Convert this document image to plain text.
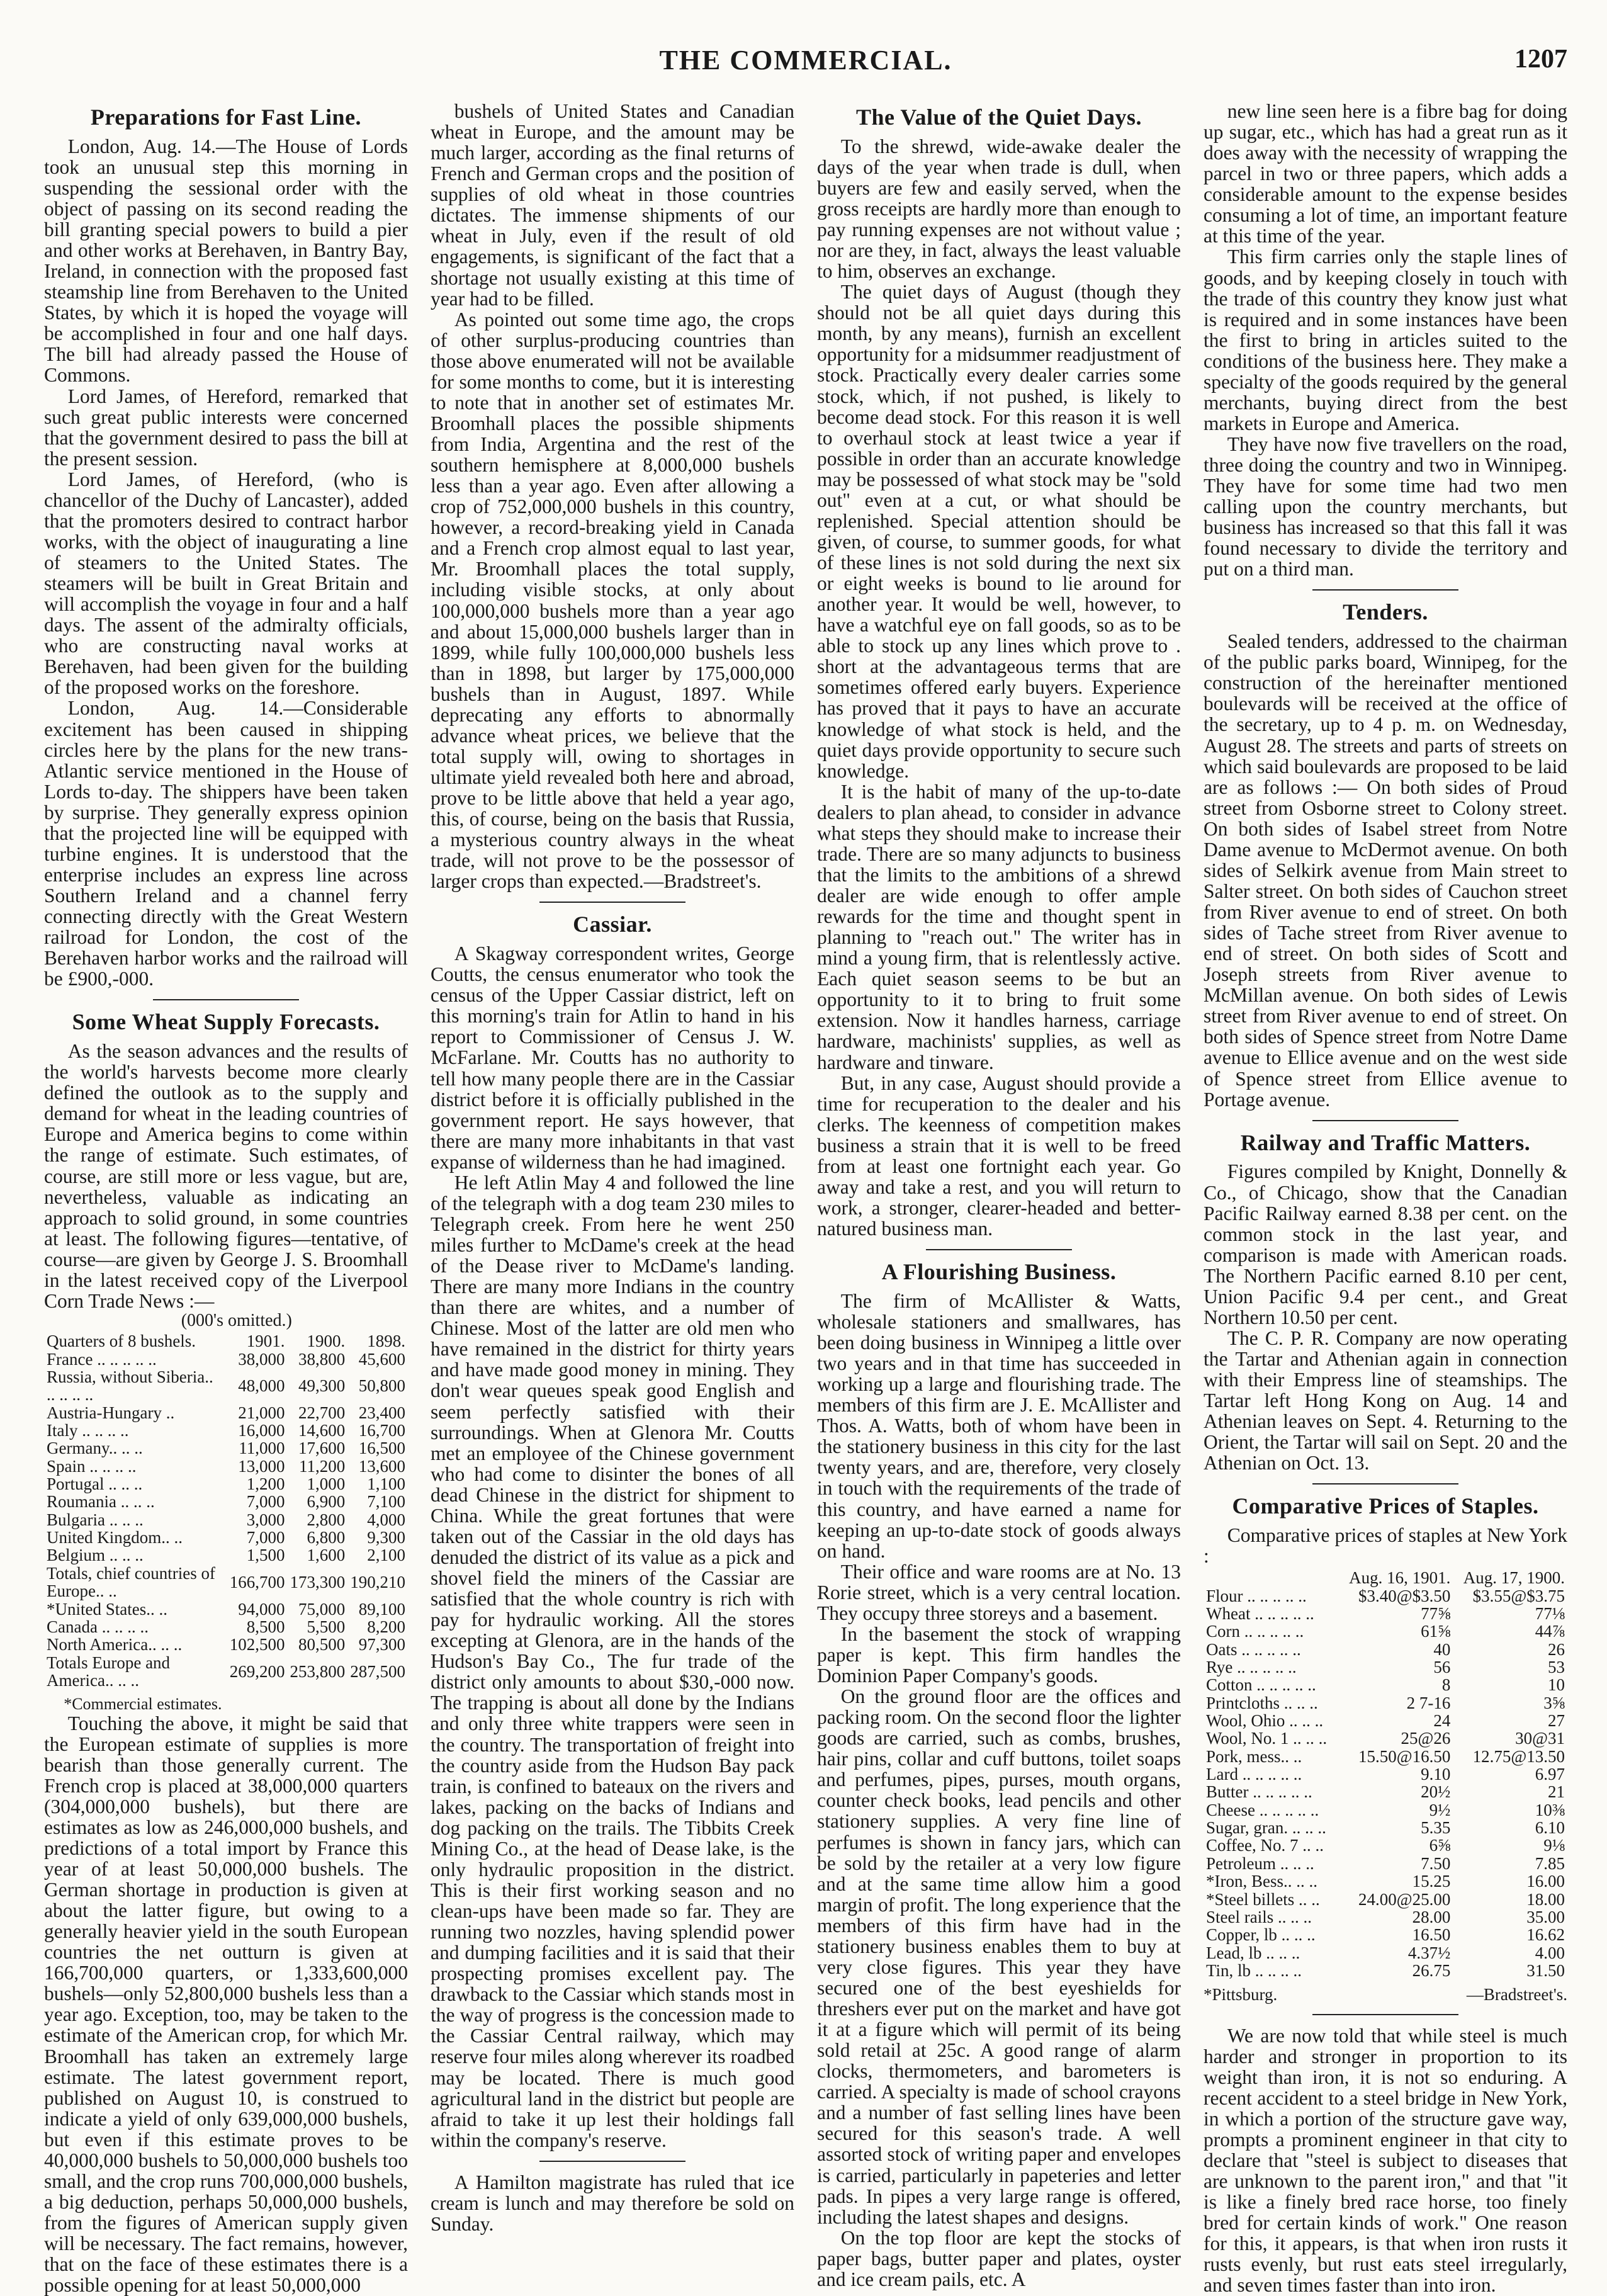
THE COMMERCIAL.	1207
Preparations for Fast Line.

London, Aug. 14.—The House of Lords took an unusual step this morning in suspending the sessional order with the object of passing on its second reading the bill granting special powers to build a pier and other works at Berehaven, in Bantry Bay, Ireland, in connection with the proposed fast steamship line from Berehaven to the United States, by which it is hoped the voyage will be accomplished in four and one half days. The bill had already passed the House of Commons.

Lord James, of Hereford, remarked that such great public interests were concerned that the government desired to pass the bill at the present session.

Lord James, of Hereford, (who is chancellor of the Duchy of Lancaster), added that the promoters desired to contract harbor works, with the object of inaugurating a line of steamers to the United States. The steamers will be built in Great Britain and will accomplish the voyage in four and a half days. The assent of the admiralty officials, who are constructing naval works at Berehaven, had been given for the building of the proposed works on the foreshore.

London, Aug. 14.—Considerable excitement has been caused in shipping circles here by the plans for the new trans-Atlantic service mentioned in the House of Lords to-day. The shippers have been taken by surprise. They generally express opinion that the projected line will be equipped with turbine engines. It is understood that the enterprise includes an express line across Southern Ireland and a channel ferry connecting directly with the Great Western railroad for London, the cost of the Berehaven harbor works and the railroad will be £900,-000.

Some Wheat Supply Forecasts.

As the season advances and the results of the world's harvests become more clearly defined the outlook as to the supply and demand for wheat in the leading countries of Europe and America begins to come within the range of estimate. Such estimates, of course, are still more or less vague, but are, nevertheless, valuable as indicating an approach to solid ground, in some countries at least. The following figures—tentative, of course—are given by George J. S. Broomhall in the latest received copy of the Liverpool Corn Trade News :—

(000's omitted.)

Quarters of 8 bushels.	1901.	1900.	1898.
France .. .. .. .. ..	38,000	38,800	45,600
Russia, without Siberia.. .. .. .. ..	48,000	49,300	50,800
Austria-Hungary ..	21,000	22,700	23,400
Italy .. .. .. ..	16,000	14,600	16,700
Germany.. .. ..	11,000	17,600	16,500
Spain .. .. .. ..	13,000	11,200	13,600
Portugal .. .. ..	1,200	1,000	1,100
Roumania .. .. ..	7,000	6,900	7,100
Bulgaria .. .. ..	3,000	2,800	4,000
United Kingdom.. ..	7,000	6,800	9,300
Belgium .. .. ..	1,500	1,600	2,100
Totals, chief countries of Europe.. ..	166,700	173,300	190,210
*United States.. ..	94,000	75,000	89,100
Canada .. .. .. ..	8,500	5,500	8,200
North America.. .. ..	102,500	80,500	97,300
Totals Europe and America.. .. ..	269,200	253,800	287,500

*Commercial estimates.

Touching the above, it might be said that the European estimate of supplies is more bearish than those generally current. The French crop is placed at 38,000,000 quarters (304,000,000 bushels), but there are estimates as low as 246,000,000 bushels, and predictions of a total import by France this year of at least 50,000,000 bushels. The German shortage in production is given at about the latter figure, but owing to a generally heavier yield in the south European countries the net outturn is given at 166,700,000 quarters, or 1,333,600,000 bushels—only 52,800,000 bushels less than a year ago. Exception, too, may be taken to the estimate of the American crop, for which Mr. Broomhall has taken an extremely large estimate. The latest government report, published on August 10, is construed to indicate a yield of only 639,000,000 bushels, but even if this estimate proves to be 40,000,000 bushels to 50,000,000 bushels too small, and the crop runs 700,000,000 bushels, a big deduction, perhaps 50,000,000 bushels, from the figures of American supply given will be necessary. The fact remains, however, that on the face of these estimates there is a possible opening for at least 50,000,000

bushels of United States and Canadian wheat in Europe, and the amount may be much larger, according as the final returns of French and German crops and the position of supplies of old wheat in those countries dictates. The immense shipments of our wheat in July, even if the result of old engagements, is significant of the fact that a shortage not usually existing at this time of year had to be filled.

As pointed out some time ago, the crops of other surplus-producing countries than those above enumerated will not be available for some months to come, but it is interesting to note that in another set of estimates Mr. Broomhall places the possible shipments from India, Argentina and the rest of the southern hemisphere at 8,000,000 bushels less than a year ago. Even after allowing a crop of 752,000,000 bushels in this country, however, a record-breaking yield in Canada and a French crop almost equal to last year, Mr. Broomhall places the total supply, including visible stocks, at only about 100,000,000 bushels more than a year ago and about 15,000,000 bushels larger than in 1899, while fully 100,000,000 bushels less than in 1898, but larger by 175,000,000 bushels than in August, 1897. While deprecating any efforts to abnormally advance wheat prices, we believe that the total supply will, owing to shortages in ultimate yield revealed both here and abroad, prove to be little above that held a year ago, this, of course, being on the basis that Russia, a mysterious country always in the wheat trade, will not prove to be the possessor of larger crops than expected.—Bradstreet's.

Cassiar.

A Skagway correspondent writes, George Coutts, the census enumerator who took the census of the Upper Cassiar district, left on this morning's train for Atlin to hand in his report to Commissioner of Census J. W. McFarlane. Mr. Coutts has no authority to tell how many people there are in the Cassiar district before it is officially published in the government report. He says however, that there are many more inhabitants in that vast expanse of wilderness than he had imagined.

He left Atlin May 4 and followed the line of the telegraph with a dog team 230 miles to Telegraph creek. From here he went 250 miles further to McDame's creek at the head of the Dease river to McDame's landing. There are many more Indians in the country than there are whites, and a number of Chinese. Most of the latter are old men who have remained in the district for thirty years and have made good money in mining. They don't wear queues speak good English and seem perfectly satisfied with their surroundings. When at Glenora Mr. Coutts met an employee of the Chinese government who had come to disinter the bones of all dead Chinese in the district for shipment to China. While the great fortunes that were taken out of the Cassiar in the old days has denuded the district of its value as a pick and shovel field the miners of the Cassiar are satisfied that the whole country is rich with pay for hydraulic working. All the stores excepting at Glenora, are in the hands of the Hudson's Bay Co., The fur trade of the district only amounts to about $30,-000 now. The trapping is about all done by the Indians and only three white trappers were seen in the country. The transportation of freight into the country aside from the Hudson Bay pack train, is confined to bateaux on the rivers and lakes, packing on the backs of Indians and dog packing on the trails. The Tibbits Creek Mining Co., at the head of Dease lake, is the only hydraulic proposition in the district. This is their first working season and no clean-ups have been made so far. They are running two nozzles, having splendid power and dumping facilities and it is said that their prospecting promises excellent pay. The drawback to the Cassiar which stands most in the way of progress is the concession made to the Cassiar Central railway, which may reserve four miles along wherever its roadbed may be located. There is much good agricultural land in the district but people are afraid to take it up lest their holdings fall within the company's reserve.

A Hamilton magistrate has ruled that ice cream is lunch and may therefore be sold on Sunday.

The Value of the Quiet Days.

To the shrewd, wide-awake dealer the days of the year when trade is dull, when buyers are few and easily served, when the gross receipts are hardly more than enough to pay running expenses are not without value ; nor are they, in fact, always the least valuable to him, observes an exchange.

The quiet days of August (though they should not be all quiet days during this month, by any means), furnish an excellent opportunity for a midsummer readjustment of stock. Practically every dealer carries some stock, which, if not pushed, is likely to become dead stock. For this reason it is well to overhaul stock at least twice a year if possible in order than an accurate knowledge may be possessed of what stock may be "sold out" even at a cut, or what should be replenished. Special attention should be given, of course, to summer goods, for what of these lines is not sold during the next six or eight weeks is bound to lie around for another year. It would be well, however, to have a watchful eye on fall goods, so as to be able to stock up any lines which prove to . short at the advantageous terms that are sometimes offered early buyers. Experience has proved that it pays to have an accurate knowledge of what stock is held, and the quiet days provide opportunity to secure such knowledge.

It is the habit of many of the up-to-date dealers to plan ahead, to consider in advance what steps they should make to increase their trade. There are so many adjuncts to business that the limits to the ambitions of a shrewd dealer are wide enough to offer ample rewards for the time and thought spent in planning to "reach out." The writer has in mind a young firm, that is relentlessly active. Each quiet season seems to be but an opportunity to it to bring to fruit some extension. Now it handles harness, carriage hardware, machinists' supplies, as well as hardware and tinware.

But, in any case, August should provide a time for recuperation to the dealer and his clerks. The keenness of competition makes business a strain that it is well to be freed from at least one fortnight each year. Go away and take a rest, and you will return to work, a stronger, clearer-headed and better-natured business man.

A Flourishing Business.

The firm of McAllister & Watts, wholesale stationers and smallwares, has been doing business in Winnipeg a little over two years and in that time has succeeded in working up a large and flourishing trade. The members of this firm are J. E. McAllister and Thos. A. Watts, both of whom have been in the stationery business in this city for the last twenty years, and are, therefore, very closely in touch with the requirements of the trade of this country, and have earned a name for keeping an up-to-date stock of goods always on hand.

Their office and ware rooms are at No. 13 Rorie street, which is a very central location. They occupy three storeys and a basement.

In the basement the stock of wrapping paper is kept. This firm handles the Dominion Paper Company's goods.

On the ground floor are the offices and packing room. On the second floor the lighter goods are carried, such as combs, brushes, hair pins, collar and cuff buttons, toilet soaps and perfumes, pipes, purses, mouth organs, counter check books, lead pencils and other stationery supplies. A very fine line of perfumes is shown in fancy jars, which can be sold by the retailer at a very low figure and at the same time allow him a good margin of profit. The long experience that the members of this firm have had in the stationery business enables them to buy at very close figures. This year they have secured one of the best eyeshields for threshers ever put on the market and have got it at a figure which will permit of its being sold retail at 25c. A good range of alarm clocks, thermometers, and barometers is carried. A specialty is made of school crayons and a number of fast selling lines have been secured for this season's trade. A well assorted stock of writing paper and envelopes is carried, particularly in papeteries and letter pads. In pipes a very large range is offered, including the latest shapes and designs.

On the top floor are kept the stocks of paper bags, butter paper and plates, oyster and ice cream pails, etc. A

new line seen here is a fibre bag for doing up sugar, etc., which has had a great run as it does away with the necessity of wrapping the parcel in two or three papers, which adds a considerable amount to the expense besides consuming a lot of time, an important feature at this time of the year.

This firm carries only the staple lines of goods, and by keeping closely in touch with the trade of this country they know just what is required and in some instances have been the first to bring in articles suited to the conditions of the business here. They make a specialty of the goods required by the general merchants, buying direct from the best markets in Europe and America.

They have now five travellers on the road, three doing the country and two in Winnipeg. They have for some time had two men calling upon the country merchants, but business has increased so that this fall it was found necessary to divide the territory and put on a third man.

Tenders.

Sealed tenders, addressed to the chairman of the public parks board, Winnipeg, for the construction of the hereinafter mentioned boulevards will be received at the office of the secretary, up to 4 p. m. on Wednesday, August 28. The streets and parts of streets on which said boulevards are proposed to be laid are as follows :— On both sides of Proud street from Osborne street to Colony street. On both sides of Isabel street from Notre Dame avenue to McDermot avenue. On both sides of Selkirk avenue from Main street to Salter street. On both sides of Cauchon street from River avenue to end of street. On both sides of Tache street from River avenue to end of street. On both sides of Scott and Joseph streets from River avenue to McMillan avenue. On both sides of Lewis street from River avenue to end of street. On both sides of Spence street from Notre Dame avenue to Ellice avenue and on the west side of Spence street from Ellice avenue to Portage avenue.

Railway and Traffic Matters.

Figures compiled by Knight, Donnelly & Co., of Chicago, show that the Canadian Pacific Railway earned 8.38 per cent. on the common stock in the last year, and comparison is made with American roads. The Northern Pacific earned 8.10 per cent, Union Pacific 9.4 per cent., and Great Northern 10.50 per cent.

The C. P. R. Company are now operating the Tartar and Athenian again in connection with their Empress line of steamships. The Tartar left Hong Kong on Aug. 14 and Athenian leaves on Sept. 4. Returning to the Orient, the Tartar will sail on Sept. 20 and the Athenian on Oct. 13.

Comparative Prices of Staples.

Comparative prices of staples at New York :

	Aug. 16, 1901.	Aug. 17, 1900.
Flour .. .. .. .. ..	$3.40@$3.50	$3.55@$3.75
Wheat .. .. .. .. ..	77⅝	77⅛
Corn .. .. .. .. ..	61⅝	44⅞
Oats .. .. .. .. ..	40	26
Rye .. .. .. .. ..	56	53
Cotton .. .. .. .. ..	8	10
Printcloths .. .. ..	2 7-16	3⅝
Wool, Ohio .. .. ..	24	27
Wool, No. 1 .. .. ..	25@26	30@31
Pork, mess.. ..	15.50@16.50	12.75@13.50
Lard .. .. .. .. ..	9.10	6.97
Butter .. .. .. .. ..	20½	21
Cheese .. .. .. .. ..	9½	10⅜
Sugar, gran. .. .. ..	5.35	6.10
Coffee, No. 7 .. ..	6⅝	9⅛
Petroleum .. .. ..	7.50	7.85
*Iron, Bess.. .. ..	15.25	16.00
*Steel billets .. ..	24.00@25.00	18.00
Steel rails .. .. ..	28.00	35.00
Copper, lb .. .. ..	16.50	16.62
Lead, lb .. .. ..	4.37½	4.00
Tin, lb .. .. .. ..	26.75	31.50
*Pittsburg.	—Bradstreet's.

We are now told that while steel is much harder and stronger in proportion to its weight than iron, it is not so enduring. A recent accident to a steel bridge in New York, in which a portion of the structure gave way, prompts a prominent engineer in that city to declare that "steel is subject to diseases that are unknown to the parent iron," and that "it is like a finely bred race horse, too finely bred for certain kinds of work." One reason for this, it appears, is that when iron rusts it rusts evenly, but rust eats steel irregularly, and seven times faster than into iron.
